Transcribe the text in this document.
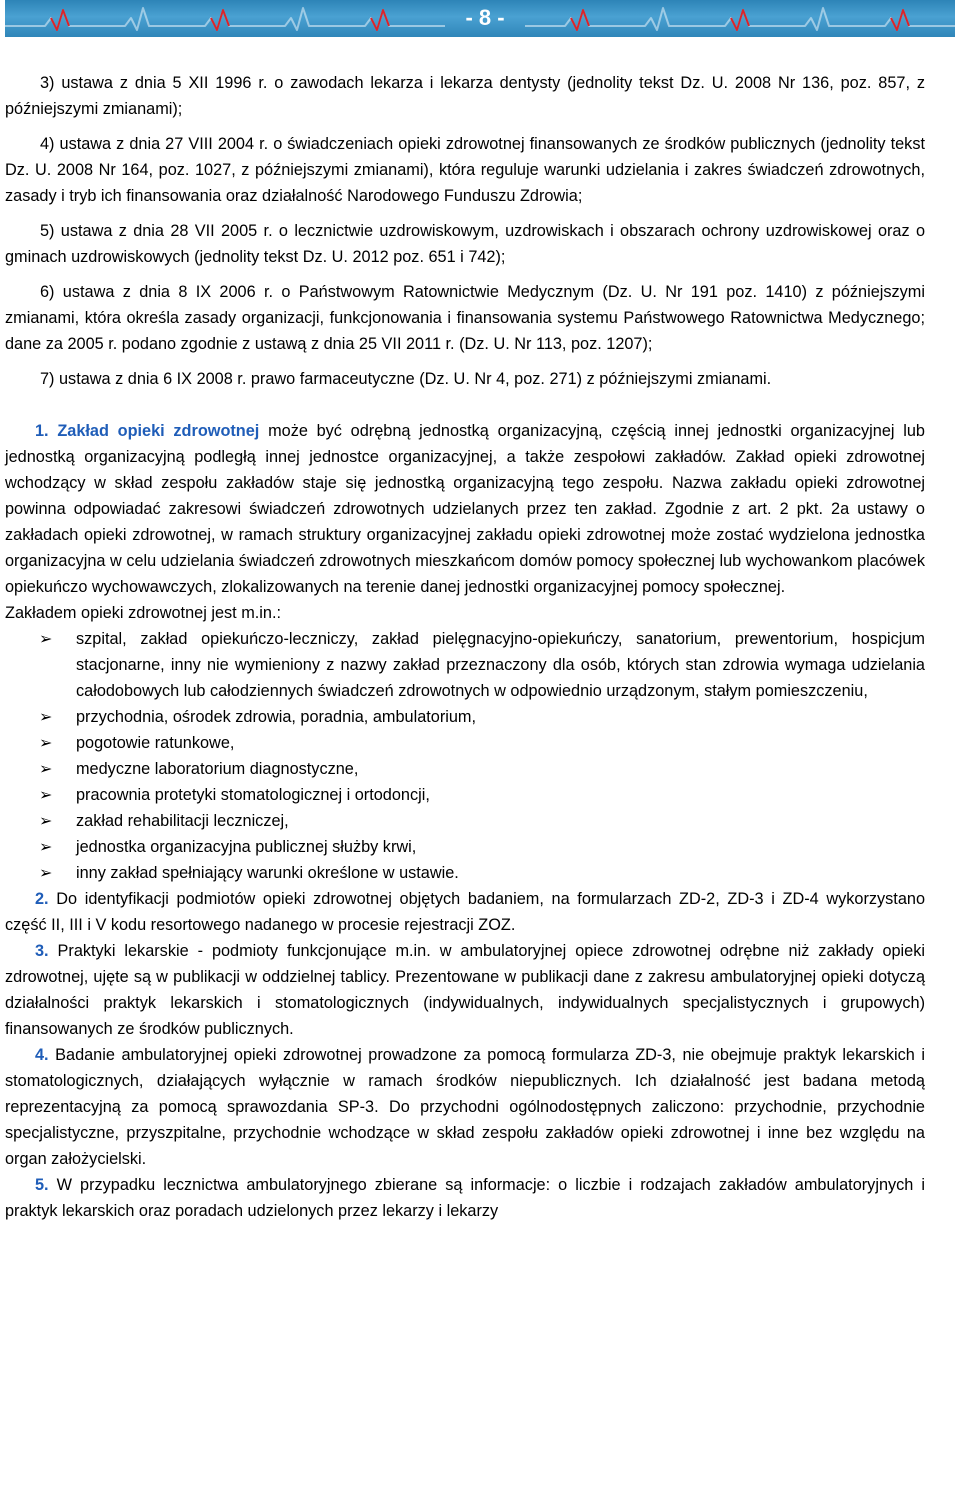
- 8 -

3) ustawa z dnia 5 XII 1996 r. o zawodach lekarza i lekarza dentysty (jednolity tekst Dz. U. 2008 Nr 136, poz. 857, z późniejszymi zmianami);

4) ustawa z dnia 27 VIII 2004 r. o świadczeniach opieki zdrowotnej finansowanych ze środków publicznych (jednolity tekst Dz. U. 2008 Nr 164, poz. 1027, z późniejszymi zmianami), która reguluje warunki udzielania i zakres świadczeń zdrowotnych, zasady i tryb ich finansowania oraz działalność Narodowego Funduszu Zdrowia;

5) ustawa z dnia 28 VII 2005 r. o lecznictwie uzdrowiskowym, uzdrowiskach i obszarach ochrony uzdrowiskowej oraz o gminach uzdrowiskowych (jednolity tekst Dz. U. 2012 poz. 651 i 742);

6) ustawa z dnia 8 IX 2006 r. o Państwowym Ratownictwie Medycznym (Dz. U. Nr 191 poz. 1410) z późniejszymi zmianami, która określa zasady organizacji, funkcjonowania i finansowania systemu Państwowego Ratownictwa Medycznego; dane za 2005 r. podano zgodnie z ustawą z dnia 25 VII 2011 r. (Dz. U. Nr 113, poz. 1207);

7) ustawa z dnia 6 IX 2008 r. prawo farmaceutyczne (Dz. U. Nr 4, poz. 271) z późniejszymi zmianami.

1. Zakład opieki zdrowotnej może być odrębną jednostką organizacyjną, częścią innej jednostki organizacyjnej lub jednostką organizacyjną podległą innej jednostce organizacyjnej, a także zespołowi zakładów. Zakład opieki zdrowotnej wchodzący w skład zespołu zakładów staje się jednostką organizacyjną tego zespołu. Nazwa zakładu opieki zdrowotnej powinna odpowiadać zakresowi świadczeń zdrowotnych udzielanych przez ten zakład. Zgodnie z art. 2 pkt. 2a ustawy o zakładach opieki zdrowotnej, w ramach struktury organizacyjnej zakładu opieki zdrowotnej może zostać wydzielona jednostka organizacyjna w celu udzielania świadczeń zdrowotnych mieszkańcom domów pomocy społecznej lub wychowankom placówek opiekuńczo wychowawczych, zlokalizowanych na terenie danej jednostki organizacyjnej pomocy społecznej.

Zakładem opieki zdrowotnej jest m.in.:

➢ szpital, zakład opiekuńczo-leczniczy, zakład pielęgnacyjno-opiekuńczy, sanatorium, prewentorium, hospicjum stacjonarne, inny nie wymieniony z nazwy zakład przeznaczony dla osób, których stan zdrowia wymaga udzielania całodobowych lub całodziennych świadczeń zdrowotnych w odpowiednio urządzonym, stałym pomieszczeniu,
➢ przychodnia, ośrodek zdrowia, poradnia, ambulatorium,
➢ pogotowie ratunkowe,
➢ medyczne laboratorium diagnostyczne,
➢ pracownia protetyki stomatologicznej i ortodoncji,
➢ zakład rehabilitacji leczniczej,
➢ jednostka organizacyjna publicznej służby krwi,
➢ inny zakład spełniający warunki określone w ustawie.

2. Do identyfikacji podmiotów opieki zdrowotnej objętych badaniem, na formularzach ZD-2, ZD-3 i ZD-4 wykorzystano część II, III i V kodu resortowego nadanego w procesie rejestracji ZOZ.

3. Praktyki lekarskie - podmioty funkcjonujące m.in. w ambulatoryjnej opiece zdrowotnej odrębne niż zakłady opieki zdrowotnej, ujęte są w publikacji w oddzielnej tablicy. Prezentowane w publikacji dane z zakresu ambulatoryjnej opieki dotyczą działalności praktyk lekarskich i stomatologicznych (indywidualnych, indywidualnych specjalistycznych i grupowych) finansowanych ze środków publicznych.

4. Badanie ambulatoryjnej opieki zdrowotnej prowadzone za pomocą formularza ZD-3, nie obejmuje praktyk lekarskich i stomatologicznych, działających wyłącznie w ramach środków niepublicznych. Ich działalność jest badana metodą reprezentacyjną za pomocą sprawozdania SP-3. Do przychodni ogólnodostępnych zaliczono: przychodnie, przychodnie specjalistyczne, przyszpitalne, przychodnie wchodzące w skład zespołu zakładów opieki zdrowotnej i inne bez względu na organ założycielski.

5. W przypadku lecznictwa ambulatoryjnego zbierane są informacje: o liczbie i rodzajach zakładów ambulatoryjnych i praktyk lekarskich oraz poradach udzielonych przez lekarzy i lekarzy
